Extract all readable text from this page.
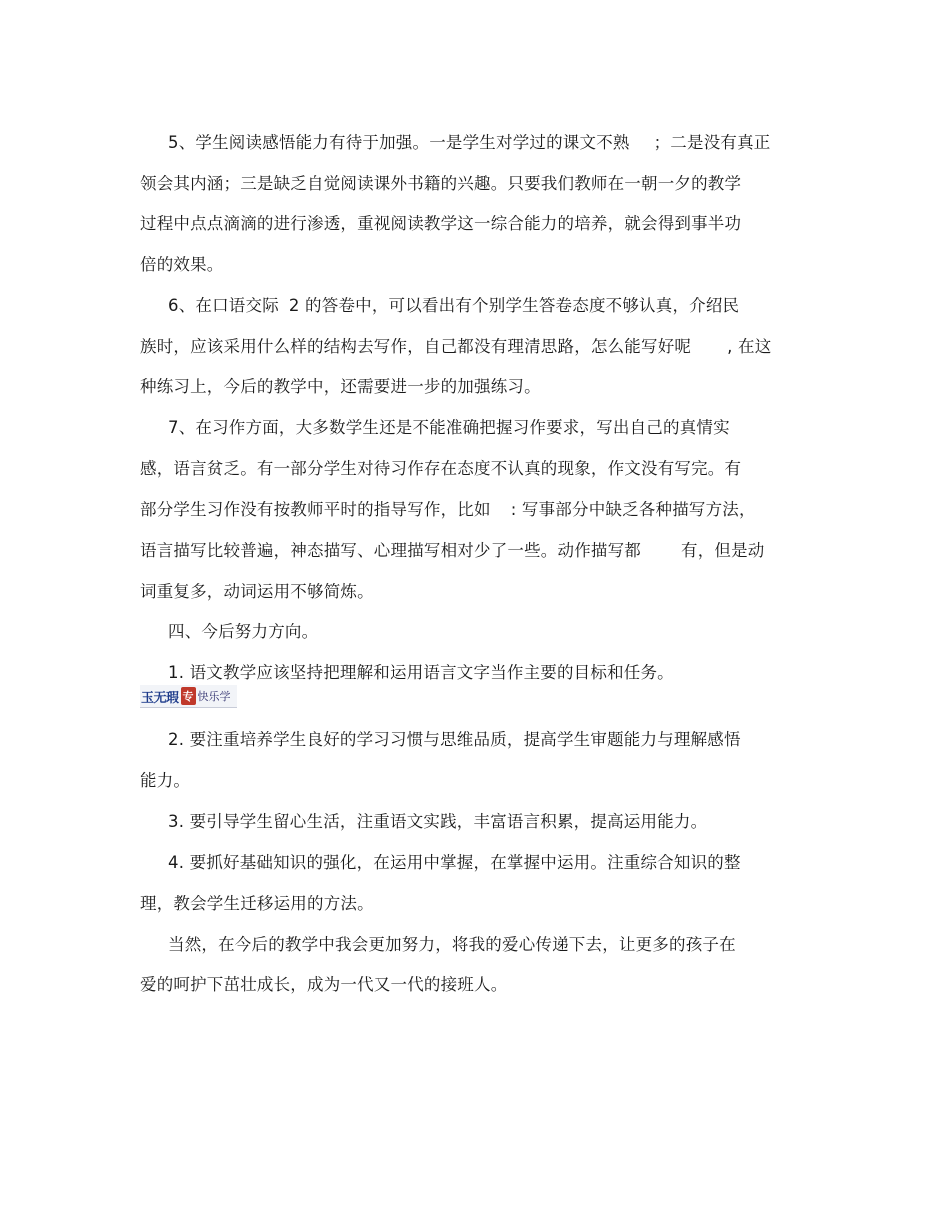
5、学生阅读感悟能力有待于加强。一是学生对学过的课文不熟 ；二是没有真正
领会其内涵；三是缺乏自觉阅读课外书籍的兴趣。只要我们教师在一朝一夕的教学
过程中点点滴滴的进行渗透，重视阅读教学这一综合能力的培养，就会得到事半功
倍的效果。
6、在口语交际 2 的答卷中，可以看出有个别学生答卷态度不够认真，介绍民
族时，应该采用什么样的结构去写作，自己都没有理清思路，怎么能写好呢 , 在这
种练习上，今后的教学中，还需要进一步的加强练习。
7、在习作方面，大多数学生还是不能准确把握习作要求，写出自己的真情实
感，语言贫乏。有一部分学生对待习作存在态度不认真的现象，作文没有写完。有
部分学生习作没有按教师平时的指导写作，比如 : 写事部分中缺乏各种描写方法，
语言描写比较普遍，神态描写、心理描写相对少了一些。动作描写都 有，但是动
词重复多，动词运用不够简炼。
四、今后努力方向。
1. 语文教学应该坚持把理解和运用语言文字当作主要的目标和任务。
玉无瑕 专 快乐学
2. 要注重培养学生良好的学习习惯与思维品质，提高学生审题能力与理解感悟
能力。
3. 要引导学生留心生活，注重语文实践，丰富语言积累，提高运用能力。
4. 要抓好基础知识的强化，在运用中掌握，在掌握中运用。注重综合知识的整
理，教会学生迁移运用的方法。
当然，在今后的教学中我会更加努力，将我的爱心传递下去，让更多的孩子在
爱的呵护下茁壮成长，成为一代又一代的接班人。
